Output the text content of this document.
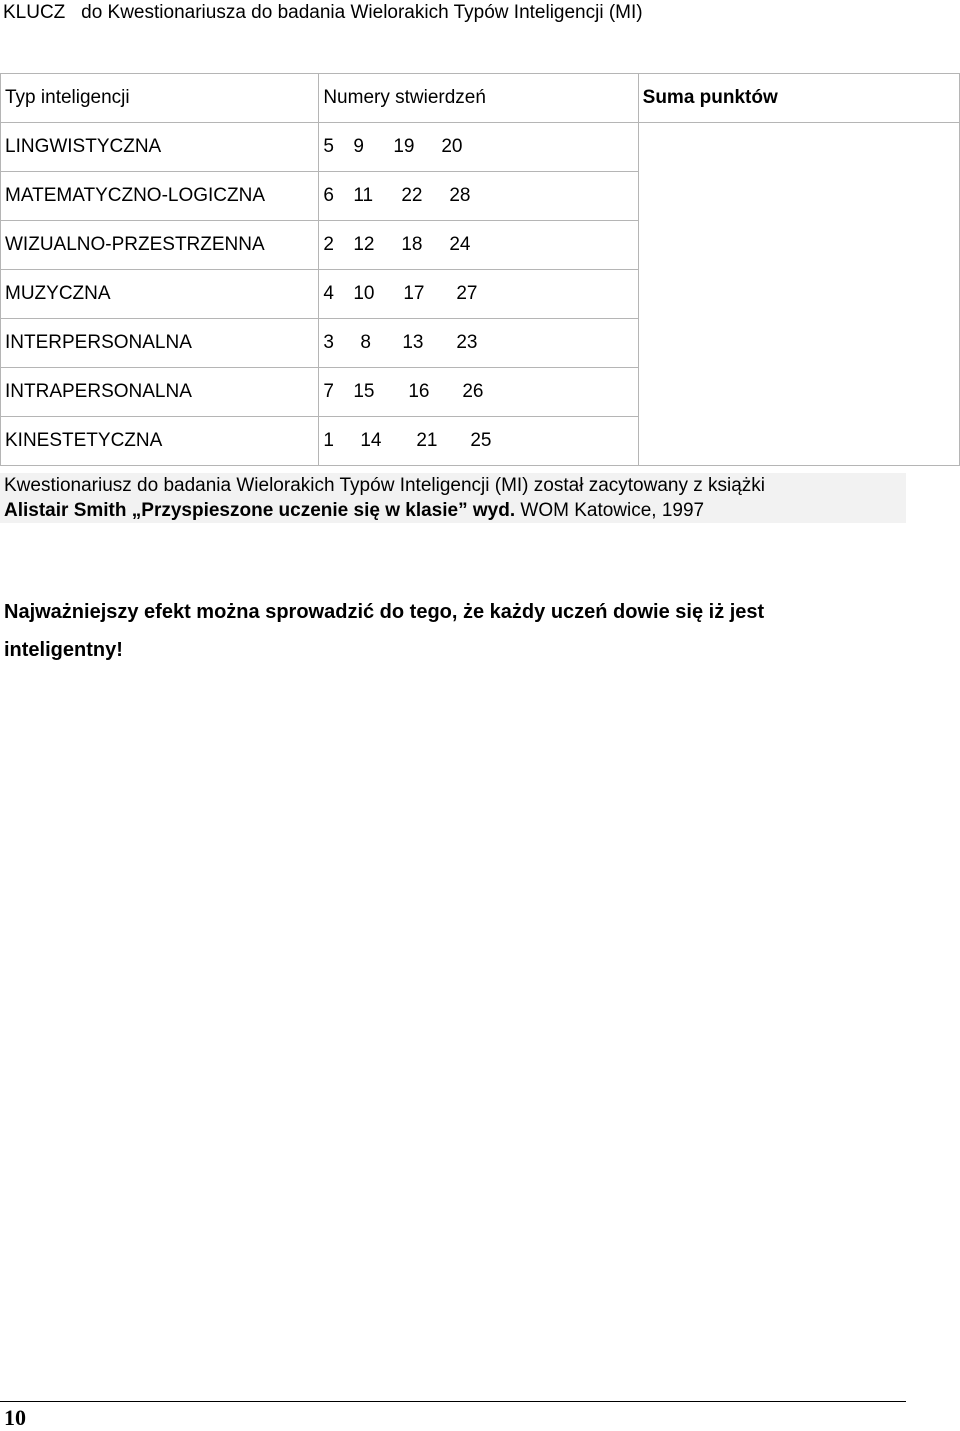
KLUCZ   do Kwestionariusza do badania Wielorakich Typów Inteligencji (MI)
Typ inteligencji	Numery stwierdzeń	Suma punktów
LINGWISTYCZNA	5 9 19 20	
MATEMATYCZNO-LOGICZNA	6 11 22 28	
WIZUALNO-PRZESTRZENNA	2 12 18 24	
MUZYCZNA	4 10 17 27	
INTERPERSONALNA	3 8 13 23	
INTRAPERSONALNA	7 15 16 26	
KINESTETYCZNA	1 14 21 25	
Kwestionariusz do badania Wielorakich Typów Inteligencji (MI) został zacytowany z książki
Alistair Smith „Przyspieszone uczenie się w klasie” wyd. WOM Katowice, 1997
Najważniejszy efekt można sprowadzić do tego, że każdy uczeń dowie się iż jest inteligentny!
10
